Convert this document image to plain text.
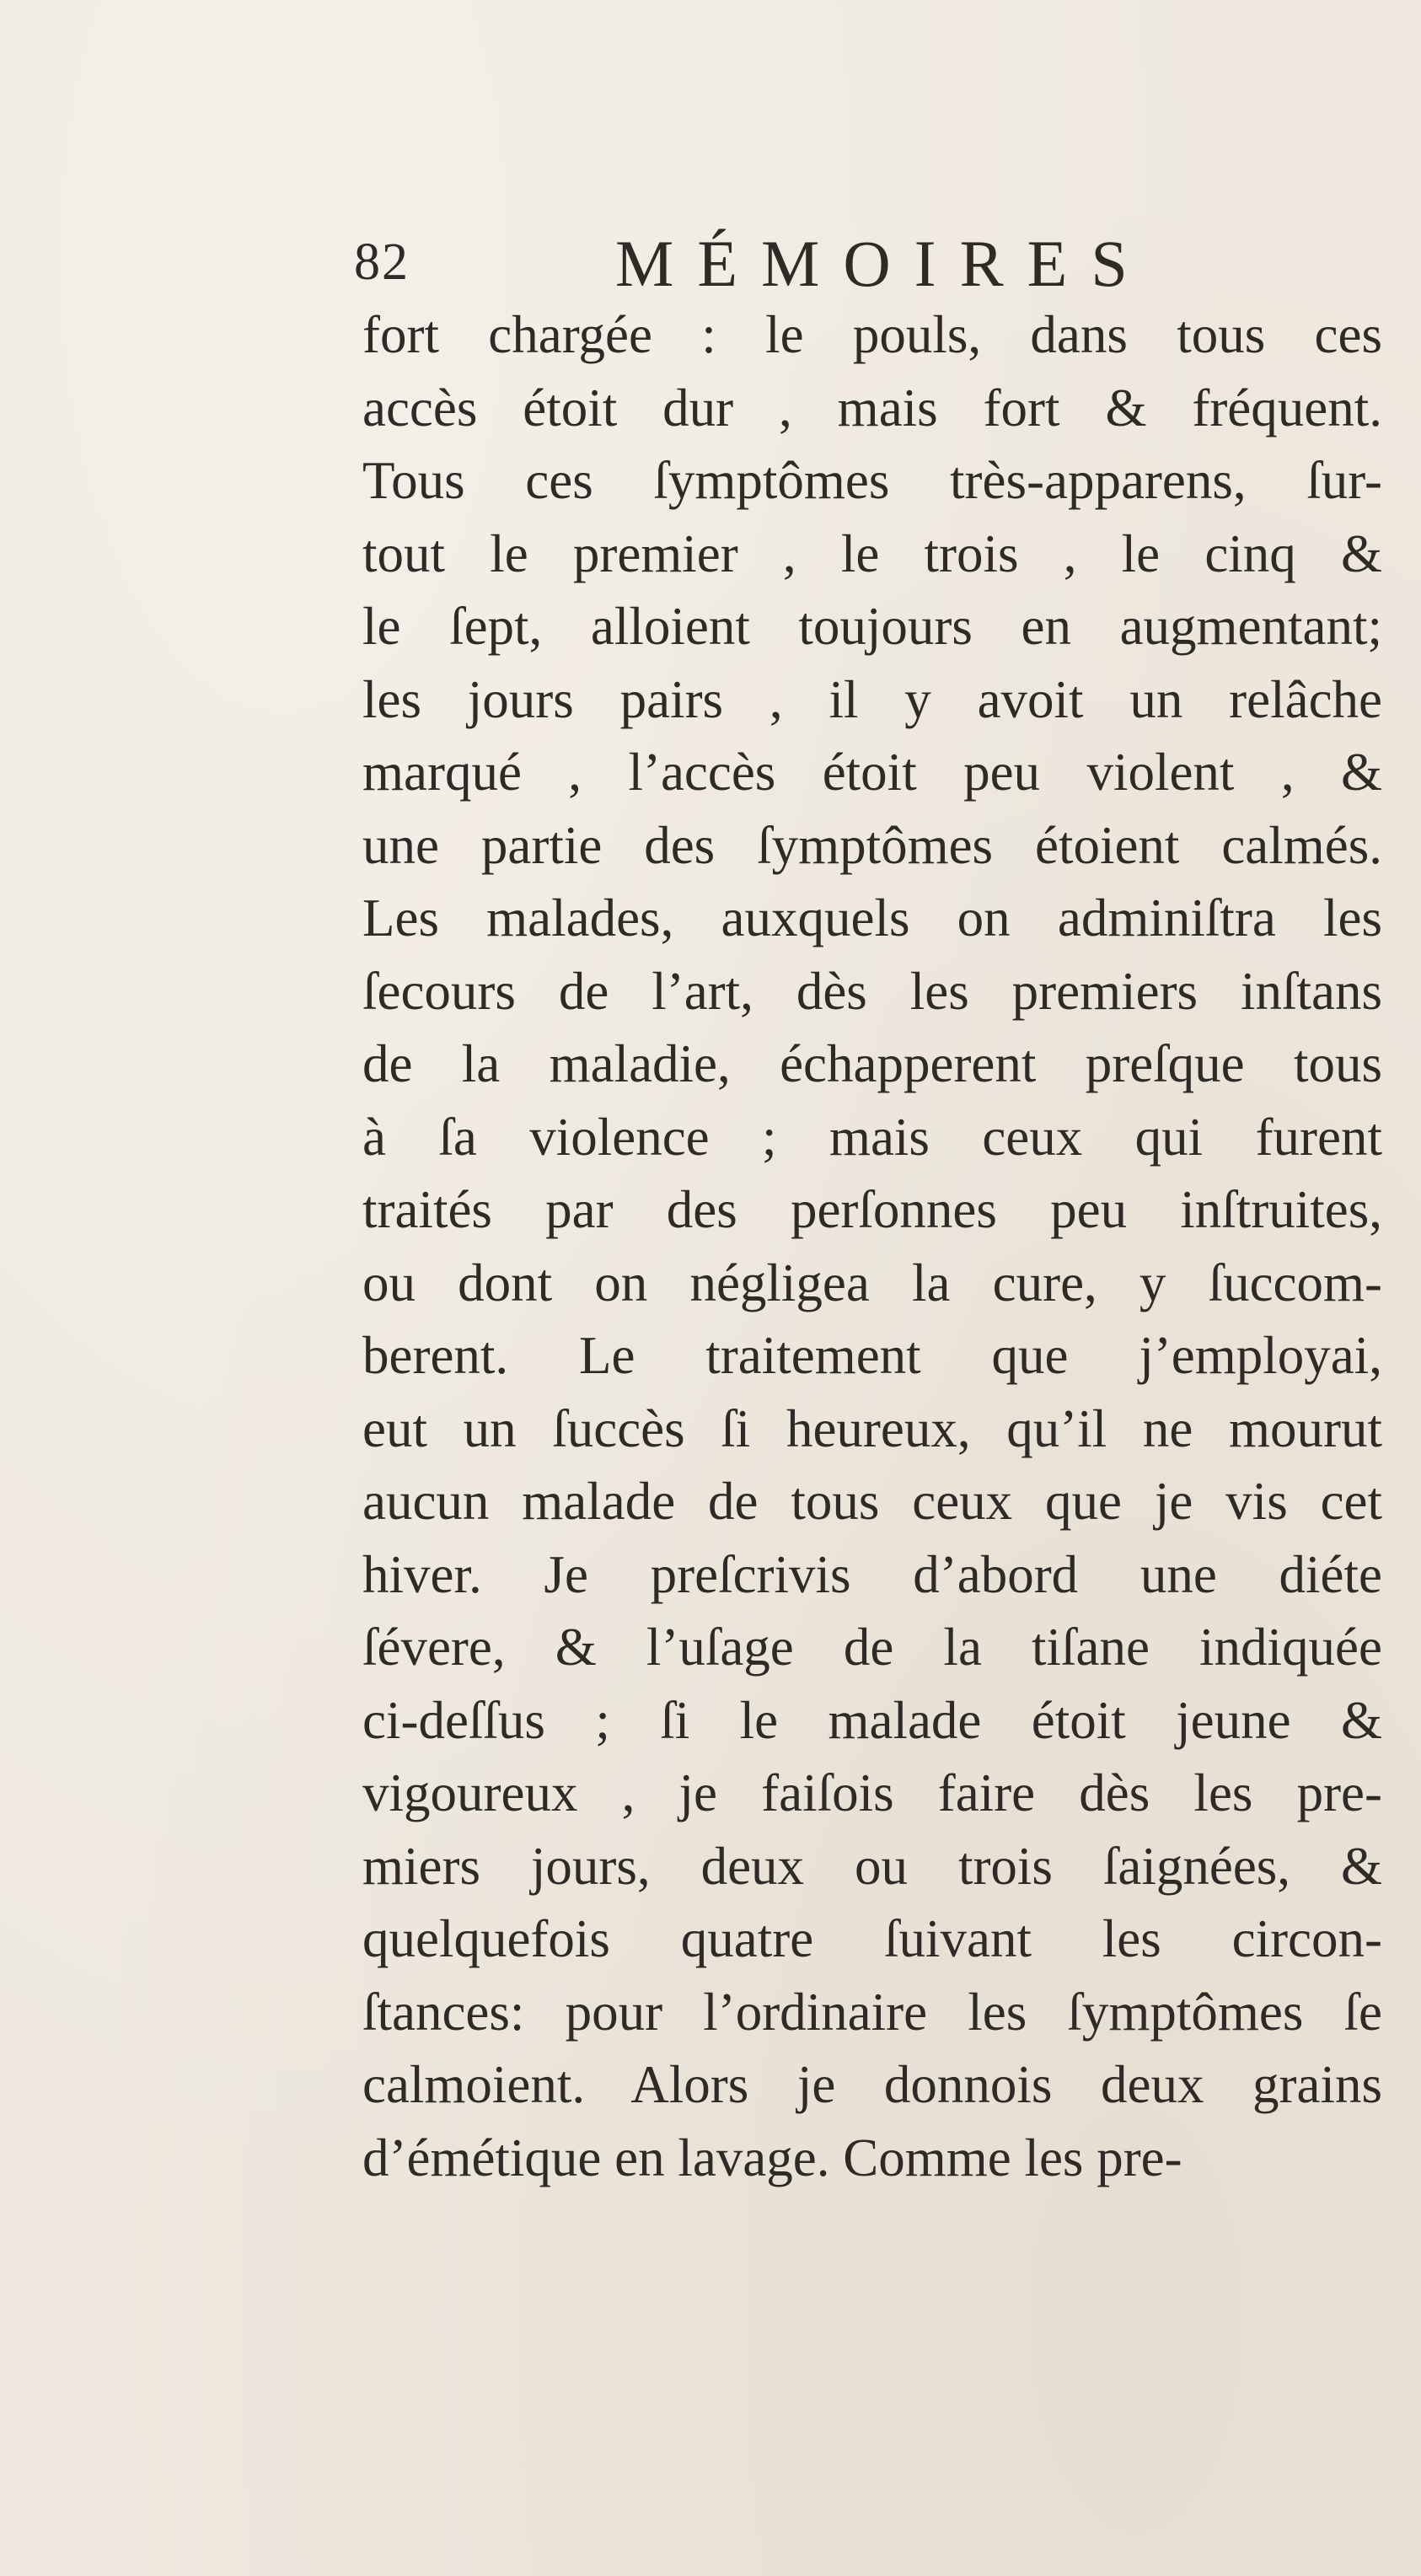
82	MÉMOIRES
fort chargée : le pouls, dans tous ces
accès étoit dur , mais fort & fréquent.
Tous ces ſymptômes très-apparens, ſur-
tout le premier , le trois , le cinq &
le ſept, alloient toujours en augmentant;
les jours pairs , il y avoit un relâche
marqué , l’accès étoit peu violent , &
une partie des ſymptômes étoient calmés.
Les malades, auxquels on adminiſtra les
ſecours de l’art, dès les premiers inſtans
de la maladie, échapperent preſque tous
à ſa violence ; mais ceux qui furent
traités par des perſonnes peu inſtruites,
ou dont on négligea la cure, y ſuccom-
berent. Le traitement que j’employai,
eut un ſuccès ſi heureux, qu’il ne mourut
aucun malade de tous ceux que je vis cet
hiver. Je preſcrivis d’abord une diéte
ſévere, & l’uſage de la tiſane indiquée
ci-deſſus ; ſi le malade étoit jeune &
vigoureux , je faiſois faire dès les pre-
miers jours, deux ou trois ſaignées, &
quelquefois quatre ſuivant les circon-
ſtances: pour l’ordinaire les ſymptômes ſe
calmoient. Alors je donnois deux grains
d’émétique en lavage. Comme les pre-
